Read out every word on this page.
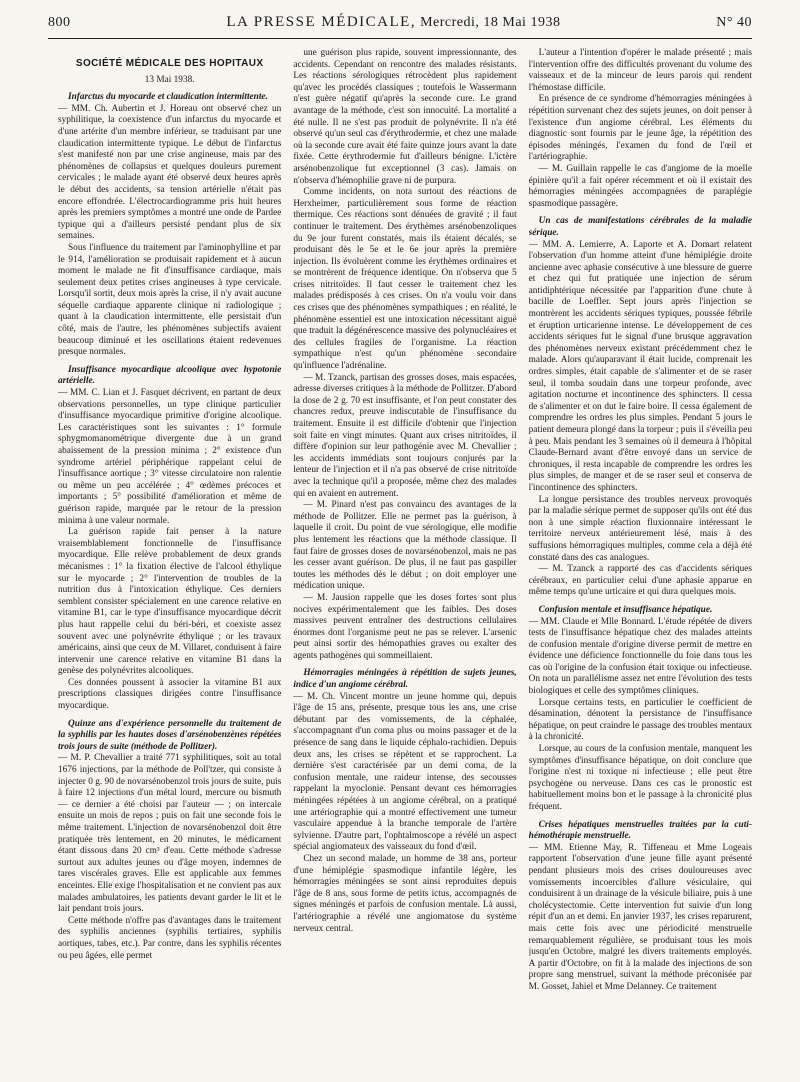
800	LA PRESSE MÉDICALE, Mercredi, 18 Mai 1938	N° 40
SOCIÉTÉ MÉDICALE DES HOPITAUX
13 Mai 1938.
Infarctus du myocarde et claudication intermittente.

— MM. Ch. Aubertin et J. Horeau ont observé chez un syphilitique, la coexistence d'un infarctus du myocarde et d'une artérite d'un membre inférieur, se traduisant par une claudication intermittente typique. Le début de l'infarctus s'est manifesté non par une crise angineuse, mais par des phénomènes de collapsus et quelques douleurs purement cervicales ; le malade ayant été observé deux heures après le début des accidents, sa tension artérielle n'était pas encore effondrée. L'électrocardiogramme pris huit heures après les premiers symptômes a montré une onde de Pardee typique qui a d'ailleurs persisté pendant plus de six semaines.

Sous l'influence du traitement par l'aminophylline et par le 914, l'amélioration se produisait rapidement et à aucun moment le malade ne fit d'insuffisance cardiaque, mais seulement deux petites crises angineuses à type cervicale. Lorsqu'il sortit, deux mois après la crise, il n'y avait aucune séquelle cardiaque apparente clinique ni radiologique ; quant à la claudication intermittente, elle persistait d'un côté, mais de l'autre, les phénomènes subjectifs avaient beaucoup diminué et les oscillations étaient redevenues presque normales.

Insuffisance myocardique alcoolique avec hypotonie artérielle.

— MM. C. Lian et J. Fasquet décrivent, en partant de deux observations personnelles, un type clinique particulier d'insuffisance myocardique primitive d'origine alcoolique. Les caractéristiques sont les suivantes : 1° formule sphygmomanométrique divergente due à un grand abaissement de la pression minima ; 2° existence d'un syndrome artériel périphérique rappelant celui de l'insuffisance aortique ; 3° vitesse circulatoire non ralentie ou même un peu accélérée ; 4° œdèmes précoces et importants ; 5° possibilité d'amélioration et même de guérison rapide, marquée par le retour de la pression minima à une valeur normale.

La guérison rapide fait penser à la nature vraisemblablement fonctionnelle de l'insuffisance myocardique. Elle relève probablement de deux grands mécanismes : 1° la fixation élective de l'alcool éthylique sur le myocarde ; 2° l'intervention de troubles de la nutrition dus à l'intoxication éthylique. Ces derniers semblent consister spécialement en une carence relative en vitamine B1, car le type d'insuffisance myocardique décrit plus haut rappelle celui du béri-béri, et coexiste assez souvent avec une polynévrite éthylique ; or les travaux américains, ainsi que ceux de M. Villaret, conduisent à faire intervenir une carence relative en vitamine B1 dans la genèse des polynévrites alcooliques.

Ces données poussent à associer la vitamine B1 aux prescriptions classiques dirigées contre l'insuffisance myocardique.

Quinze ans d'expérience personnelle du traitement de la syphilis par les hautes doses d'arsénobenzènes répétées trois jours de suite (méthode de Pollitzer).

— M. P. Chevallier a traité 771 syphilitiques, soit au total 1676 injections, par la méthode de Poll'tzer, qui consiste à injecter 0 g. 90 de novarsénobenzol trois jours de suite, puis à faire 12 injections d'un métal lourd, mercure ou bismuth — ce dernier a été choisi par l'auteur — ; on intercale ensuite un mois de repos ; puis on fait une seconde fois le même traitement. L'injection de novarsénobenzol doit être pratiquée très lentement, en 20 minutes, le médicament étant dissous dans 20 cm³ d'eau. Cette méthode s'adresse surtout aux adultes jeunes ou d'âge moyen, indemnes de tares viscérales graves. Elle est applicable aux femmes enceintes. Elle exige l'hospitalisation et ne convient pas aux malades ambulatoires, les patients devant garder le lit et le lait pendant trois jours.

Cette méthode n'offre pas d'avantages dans le traitement des syphilis anciennes (syphilis tertiaires, syphilis aortiques, tabes, etc.). Par contre, dans les syphilis récentes ou peu âgées, elle permet

une guérison plus rapide, souvent impressionnante, des accidents. Cependant on rencontre des malades résistants. Les réactions sérologiques rétrocèdent plus rapidement qu'avec les procédés classiques ; toutefois le Wassermann n'est guère négatif qu'après la seconde cure. Le grand avantage de la méthode, c'est son innocuité. La mortalité a été nulle. Il ne s'est pas produit de polynévrite. Il n'a été observé qu'un seul cas d'érythrodermie, et chez une malade où la seconde cure avait été faite quinze jours avant la date fixée. Cette érythrodermie fut d'ailleurs bénigne. L'ictère arsénobenzolique fut exceptionnel (3 cas). Jamais on n'observa d'hémophilie grave ni de purpura.

Comme incidents, on nota surtout des réactions de Herxheimer, particulièrement sous forme de réaction thermique. Ces réactions sont dénuées de gravité ; il faut continuer le traitement. Des érythèmes arsénobenzoliques du 9e jour furent constatés, mais ils étaient décalés, se produisant dès le 5e et le 6e jour après la première injection. Ils évoluèrent comme les érythèmes ordinaires et se montrèrent de fréquence identique. On n'observa que 5 crises nitritoïdes. Il faut cesser le traitement chez les malades prédisposés à ces crises. On n'a voulu voir dans ces crises que des phénomènes sympathiques ; en réalité, le phénomène essentiel est une intoxication nécessitant aiguë que traduit la dégénérescence massive des polynucléaires et des cellules fragiles de l'organisme. La réaction sympathique n'est qu'un phénomène secondaire qu'influence l'adrénaline.

— M. Tzanck, partisan des grosses doses, mais espacées, adresse diverses critiques à la méthode de Pollitzer. D'abord la dose de 2 g. 70 est insuffisante, et l'on peut constater des chancres redux, preuve indiscutable de l'insuffisance du traitement. Ensuite il est difficile d'obtenir que l'injection soit faite en vingt minutes. Quant aux crises nitritoïdes, il diffère d'opinion sur leur pathogénie avec M. Chevallier ; les accidents immédiats sont toujours conjurés par la lenteur de l'injection et il n'a pas observé de crise nitritoïde avec la technique qu'il a proposée, même chez des malades qui en avaient en autrement.

— M. Pinard n'est pas convaincu des avantages de la méthode de Pollitzer. Elle ne permet pas la guérison, à laquelle il croit. Du point de vue sérologique, elle modifie plus lentement les réactions que la méthode classique. Il faut faire de grosses doses de novarsénobenzol, mais ne pas les cesser avant guérison. De plus, il ne faut pas gaspiller toutes les méthodes dès le début ; on doit employer une médication unique.

— M. Jausion rappelle que les doses fortes sont plus nocives expérimentalement que les faibles. Des doses massives peuvent entraîner des destructions cellulaires énormes dont l'organisme peut ne pas se relever. L'arsenic peut ainsi sortir des hémopathies graves ou exalter des agents pathogènes qui sommeillaient.

Hémorragies méningées à répétition de sujets jeunes, indice d'un angiome cérébral.

— M. Ch. Vincent montre un jeune homme qui, depuis l'âge de 15 ans, présente, presque tous les ans, une crise débutant par des vomissements, de la céphalée, s'accompagnant d'un coma plus ou moins passager et de la présence de sang dans le liquide céphalo-rachidien. Depuis deux ans, les crises se répètent et se rapprochent. La dernière s'est caractérisée par un demi coma, de la confusion mentale, une raideur intense, des secousses rappelant la myoclonie. Pensant devant ces hémorragies méningées répétées à un angiome cérébral, on a pratiqué une artériographie qui a montré effectivement une tumeur vasculaire appendue à la branche temporale de l'artère sylvienne. D'autre part, l'ophtalmoscope a révélé un aspect spécial angiomateux des vaisseaux du fond d'œil.

Chez un second malade, un homme de 38 ans, porteur d'une hémiplégie spasmodique infantile légère, les hémorragies méningées se sont ainsi reproduites depuis l'âge de 8 ans, sous forme de petits ictus, accompagnés de signes méningés et parfois de confusion mentale. Là aussi, l'artériographie a révélé une angiomatose du système nerveux central.

L'auteur a l'intention d'opérer le malade présenté ; mais l'intervention offre des difficultés provenant du volume des vaisseaux et de la minceur de leurs parois qui rendent l'hémostase difficile.

En présence de ce syndrome d'hémorragies méningées à répétition survenant chez des sujets jeunes, on doit penser à l'existence d'un angiome cérébral. Les éléments du diagnostic sont fournis par le jeune âge, la répétition des épisodes méningés, l'examen du fond de l'œil et l'artériographie.

— M. Guillain rappelle le cas d'angiome de la moelle épinière qu'il a fait opérer récemment et où il existait des hémorragies méningées accompagnées de paraplégie spasmodique passagère.

Un cas de manifestations cérébrales de la maladie sérique.

— MM. A. Lemierre, A. Laporte et A. Domart relatent l'observation d'un homme atteint d'une hémiplégie droite ancienne avec aphasie consécutive à une blessure de guerre et chez qui fut pratiquée une injection de sérum antidiphtérique nécessitée par l'apparition d'une chute à bacille de Loeffler. Sept jours après l'injection se montrèrent les accidents sériques typiques, poussée fébrile et éruption urticarienne intense. Le développement de ces accidents sériques fut le signal d'une brusque aggravation des phénomènes nerveux existant précédemment chez le malade. Alors qu'auparavant il était lucide, comprenait les ordres simples, était capable de s'alimenter et de se raser seul, il tomba soudain dans une torpeur profonde, avec agitation nocturne et incontinence des sphincters. Il cessa de s'alimenter et on dut le faire boire. Il cessa également de comprendre les ordres les plus simples. Pendant 5 jours le patient demeura plongé dans la torpeur ; puis il s'éveilla peu à peu. Mais pendant les 3 semaines où il demeura à l'hôpital Claude-Bernard avant d'être envoyé dans un service de chroniques, il resta incapable de comprendre les ordres les plus simples, de manger et de se raser seul et conserva de l'incontinence des sphincters.

La longue persistance des troubles nerveux provoqués par la maladie sérique permet de supposer qu'ils ont été dus non à une simple réaction fluxionnaire intéressant le territoire nerveux antérieurement lésé, mais à des suffusions hémorragiques multiples, comme cela a déjà été constaté dans des cas analogues.

— M. Tzanck a rapporté des cas d'accidents sériques cérébraux, en particulier celui d'une aphasie apparue en même temps qu'une urticaire et qui dura quelques mois.

Confusion mentale et insuffisance hépatique.

— MM. Claude et Mlle Bonnard. L'étude répétée de divers tests de l'insuffisance hépatique chez des malades atteints de confusion mentale d'origine diverse permit de mettre en évidence une déficience fonctionnelle du foie dans tous les cas où l'origine de la confusion était toxique ou infectieuse. On nota un parallélisme assez net entre l'évolution des tests biologiques et celle des symptômes cliniques.

Lorsque certains tests, en particulier le coefficient de désamination, dénotent la persistance de l'insuffisance hépatique, on peut craindre le passage des troubles mentaux à la chronicité.

Lorsque, au cours de la confusion mentale, manquent les symptômes d'insuffisance hépatique, on doit conclure que l'origine n'est ni toxique ni infectieuse ; elle peut être psychogène ou nerveuse. Dans ces cas le pronostic est habituellement moins bon et le passage à la chronicité plus fréquent.

Crises hépatiques menstruelles traitées par la cuti-hémothérapie menstruelle.

— MM. Etienne May, R. Tiffeneau et Mme Logeais rapportent l'observation d'une jeune fille ayant présenté pendant plusieurs mois des crises douloureuses avec vomissements incoercibles d'allure vésiculaire, qui conduisirent à un drainage de la vésicule biliaire, puis à une cholécystectomie. Cette intervention fut suivie d'un long répit d'un an et demi. En janvier 1937, les crises reparurent, mais cette fois avec une périodicité menstruelle remarquablement régulière, se produisant tous les mois jusqu'en Octobre, malgré les divers traitements employés. A partir d'Octobre, on fit à la malade des injections de son propre sang menstruel, suivant la méthode préconisée par M. Gosset, Jahiel et Mme Delanney. Ce traitement
